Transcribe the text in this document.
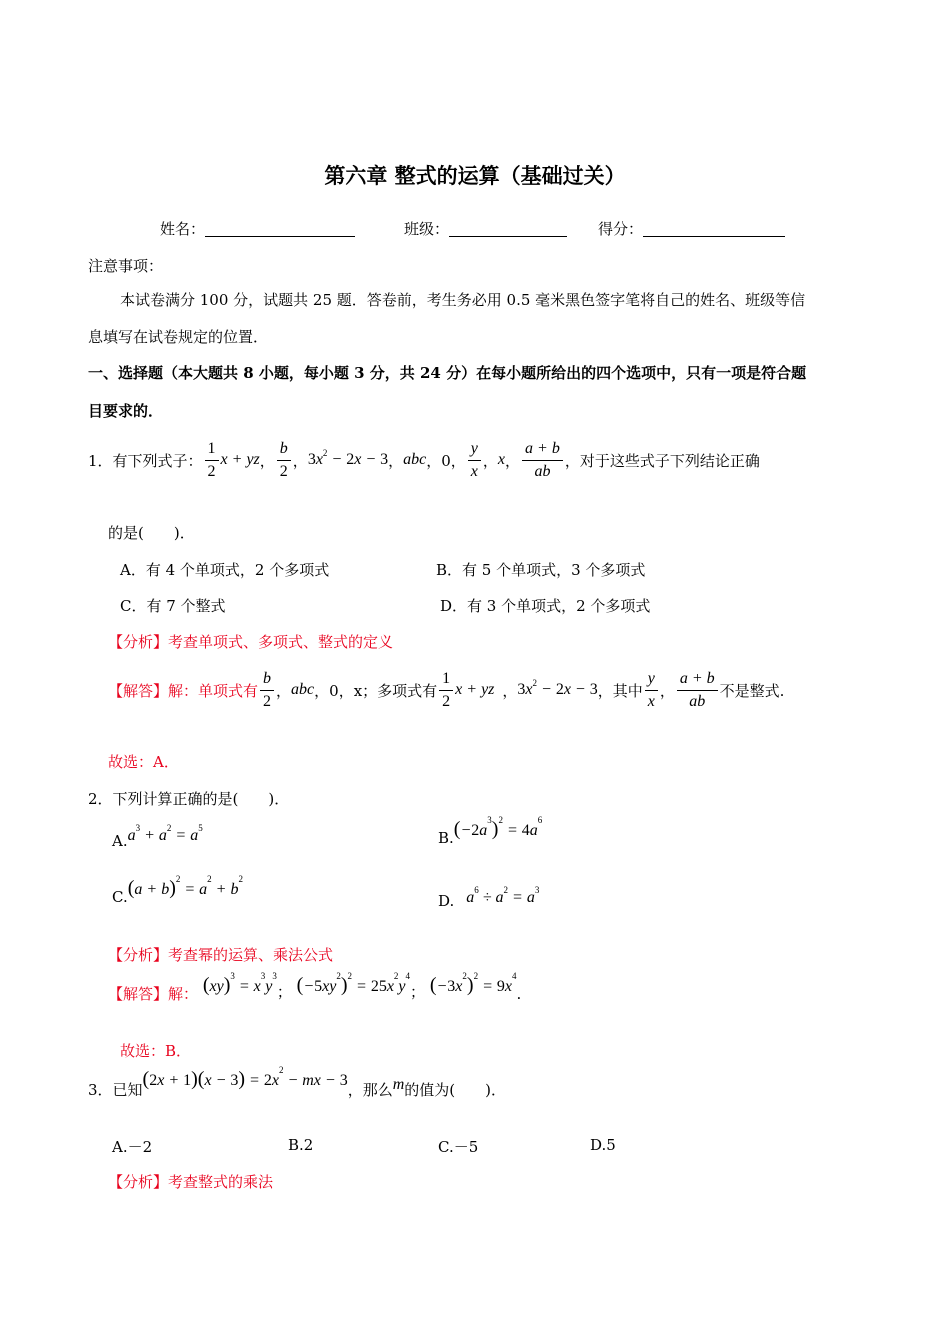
第六章 整式的运算（基础过关）
姓名：	班级：	得分：
注意事项：
本试卷满分 100 分，试题共 25 题．答卷前，考生务必用 0.5 毫米黑色签字笔将自己的姓名、班级等信
息填写在试卷规定的位置．
一、选择题（本大题共 8 小题，每小题 3 分，共 24 分）在每小题所给出的四个选项中，只有一项是符合题
目要求的．
1．有下列式子： $\frac{1}{2}$ x + yz ， $\frac{b}{2}$ ， $3x^2 - 2x - 3$ ， abc ，0， $\frac{y}{x}$ ， x ， $\frac{a + b}{ab}$ ，对于这些式子下列结论正确
的是(　　)．
A．有 4 个单项式，2 个多项式	B．有 5 个单项式，3 个多项式
C．有 7 个整式	D．有 3 个单项式，2 个多项式
【分析】考查单项式、多项式、整式的定义
【解答】 解：单项式有 $\frac{b}{2}$ ， abc ，0，x；多项式有 $\frac{1}{2}$ x + yz ， $3x^2 - 2x - 3$ ，其中 $\frac{y}{x}$ ， $\frac{a + b}{ab}$ 不是整式.
故选：A．
2．下列计算正确的是(　　)．
$A.a^3 + a^2 = a^5$
$B.(-2a^3)^2 = 4a^6$
$C.(a + b)^2 = a^2 + b^2$
D. $a^6 \div a^2 = a^3$
【分析】考查幂的运算、乘法公式
【解答】解： $(xy)^3 = x^3y^3$； $(-5xy^2)^2 = 25x^2y^4$； $(-3x^2)^2 = 9x^4$.
故选：B．
3．已知$(2x + 1)(x - 3) = 2x^2$ − mx − 3，那么m的值为(　　)．
A.－2	B.2	C.－5	D.5
【分析】考查整式的乘法
